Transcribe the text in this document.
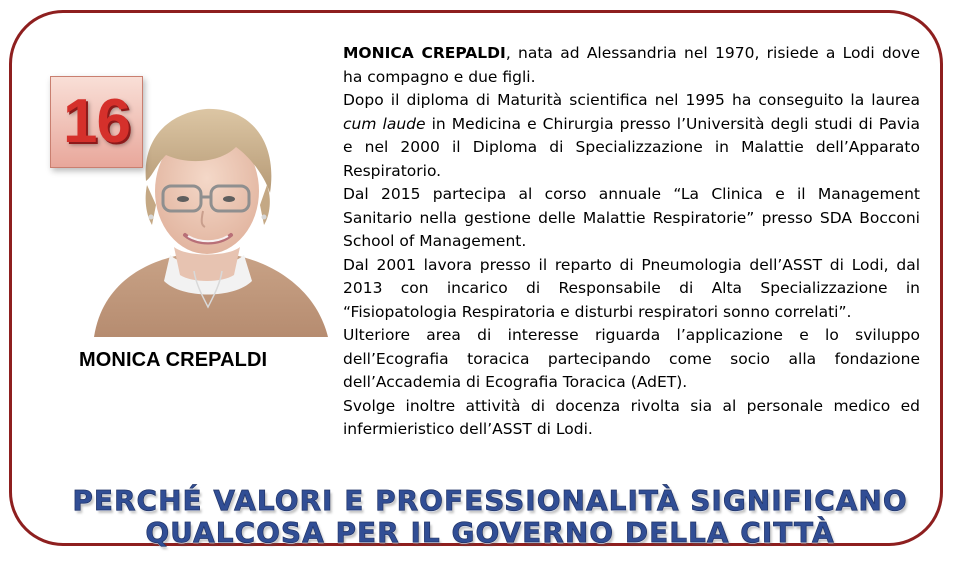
16
MONICA CREPALDI

MONICA CREPALDI, nata ad Alessandria nel 1970, risiede a Lodi dove ha compagno e due figli.

Dopo il diploma di Maturità scientifica nel 1995 ha conseguito la laurea cum laude in Medicina e Chirurgia presso l’Università degli studi di Pavia e nel 2000 il Diploma di Specializzazione in Malattie dell’Apparato Respiratorio.

Dal 2015 partecipa al corso annuale “La Clinica e il Management Sanitario nella gestione delle Malattie Respiratorie” presso SDA Bocconi School of Management.

Dal 2001 lavora presso il reparto di Pneumologia dell’ASST di Lodi, dal 2013 con incarico di Responsabile di Alta Specializzazione in “Fisiopatologia Respiratoria e disturbi respiratori sonno correlati”.

Ulteriore area di interesse riguarda l’applicazione e lo sviluppo dell’Ecografia toracica partecipando come socio alla fondazione dell’Accademia di Ecografia Toracica (AdET).

Svolge inoltre attività di docenza rivolta sia al personale medico ed infermieristico dell’ASST di Lodi.

PERCHÉ VALORI E PROFESSIONALITÀ SIGNIFICANO
QUALCOSA PER IL GOVERNO DELLA CITTÀ
